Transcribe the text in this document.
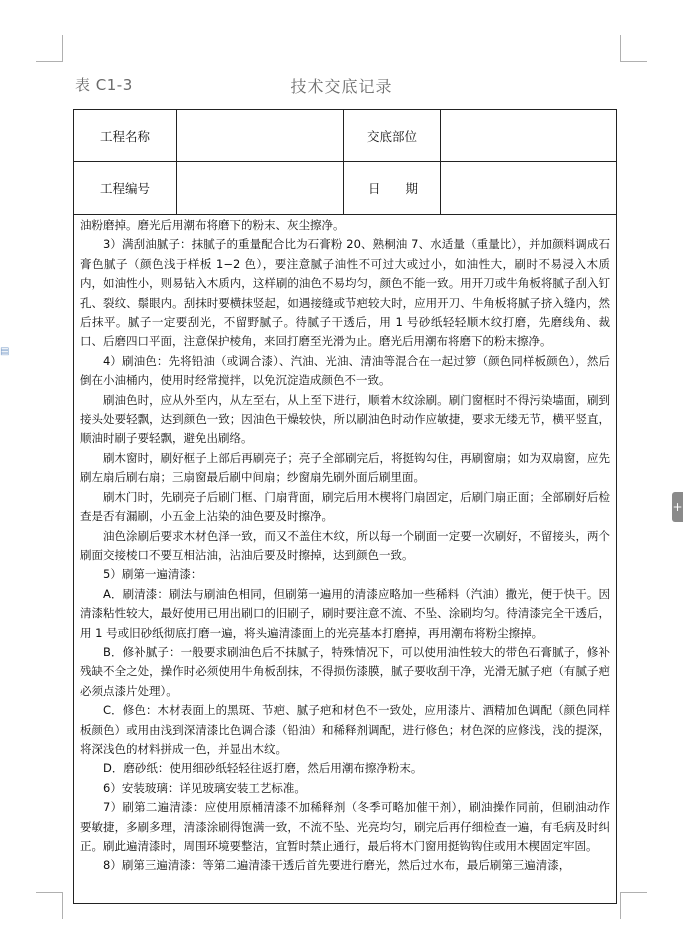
▤
+
表 C1-3	技术交底记录
工程名称	交底部位
工程编号	日　　期

油粉磨掉。磨光后用潮布将磨下的粉末、灰尘擦净。

3）满刮油腻子：抹腻子的重量配合比为石膏粉 20、熟桐油 7、水适量（重量比），并加颜料调成石膏色腻子（颜色浅于样板 1−2 色），要注意腻子油性不可过大或过小，如油性大，刷时不易浸入木质内，如油性小，则易钻入木质内，这样刷的油色不易均匀，颜色不能一致。用开刀或牛角板将腻子刮入钉孔、裂纹、鬃眼内。刮抹时要横抹竖起，如遇接缝或节疤较大时，应用开刀、牛角板将腻子挤入缝内，然后抹平。腻子一定要刮光，不留野腻子。待腻子干透后，用 1 号砂纸轻轻顺木纹打磨，先磨线角、裁口、后磨四口平面，注意保护棱角，来回打磨至光滑为止。磨光后用潮布将磨下的粉末擦净。

4）刷油色：先将铅油（或调合漆）、汽油、光油、清油等混合在一起过箩（颜色同样板颜色），然后倒在小油桶内，使用时经常搅拌，以免沉淀造成颜色不一致。

刷油色时，应从外至内，从左至右，从上至下进行，顺着木纹涂刷。刷门窗框时不得污染墙面，刷到接头处要轻飘，达到颜色一致；因油色干燥较快，所以刷油色时动作应敏捷，要求无缕无节，横平竖直，顺油时刷子要轻飘，避免出刷络。

刷木窗时，刷好框子上部后再刷亮子；亮子全部刷完后，将挺钩勾住，再刷窗扇；如为双扇窗，应先刷左扇后刷右扇；三扇窗最后刷中间扇；纱窗扇先刷外面后刷里面。

刷木门时，先刷亮子后刷门框、门扇背面，刷完后用木楔将门扇固定，后刷门扇正面；全部刷好后检查是否有漏刷，小五金上沾染的油色要及时擦净。

油色涂刷后要求木材色泽一致，而又不盖住木纹，所以每一个刷面一定要一次刷好，不留接头，两个刷面交接棱口不要互相沾油，沾油后要及时擦掉，达到颜色一致。

5）刷第一遍清漆：

A．刷清漆：刷法与刷油色相同，但刷第一遍用的清漆应略加一些稀料（汽油）撒光，便于快干。因清漆粘性较大，最好使用已用出刷口的旧刷子，刷时要注意不流、不坠、涂刷均匀。待清漆完全干透后，用 1 号或旧砂纸彻底打磨一遍，将头遍清漆面上的光亮基本打磨掉，再用潮布将粉尘擦掉。

B．修补腻子：一般要求刷油色后不抹腻子，特殊情况下，可以使用油性较大的带色石膏腻子，修补残缺不全之处，操作时必须使用牛角板刮抹，不得损伤漆膜，腻子要收刮干净，光滑无腻子疤（有腻子疤必须点漆片处理）。

C．修色：木材表面上的黑斑、节疤、腻子疤和材色不一致处，应用漆片、酒精加色调配（颜色同样板颜色）或用由浅到深清漆比色调合漆（铅油）和稀释剂调配，进行修色；材色深的应修浅，浅的提深，将深浅色的材料拼成一色，并显出木纹。

D．磨砂纸：使用细砂纸轻轻往返打磨，然后用潮布擦净粉末。

6）安装玻璃：详见玻璃安装工艺标准。

7）刷第二遍清漆：应使用原桶清漆不加稀释剂（冬季可略加催干剂），刷油操作同前，但刷油动作要敏捷，多刷多理，清漆涂刷得饱满一致，不流不坠、光亮均匀，刷完后再仔细检查一遍，有毛病及时纠正。刷此遍清漆时，周围环境要整洁，宜暂时禁止通行，最后将木门窗用挺钩钩住或用木楔固定牢固。

8）刷第三遍清漆：等第二遍清漆干透后首先要进行磨光，然后过水布，最后刷第三遍清漆，
